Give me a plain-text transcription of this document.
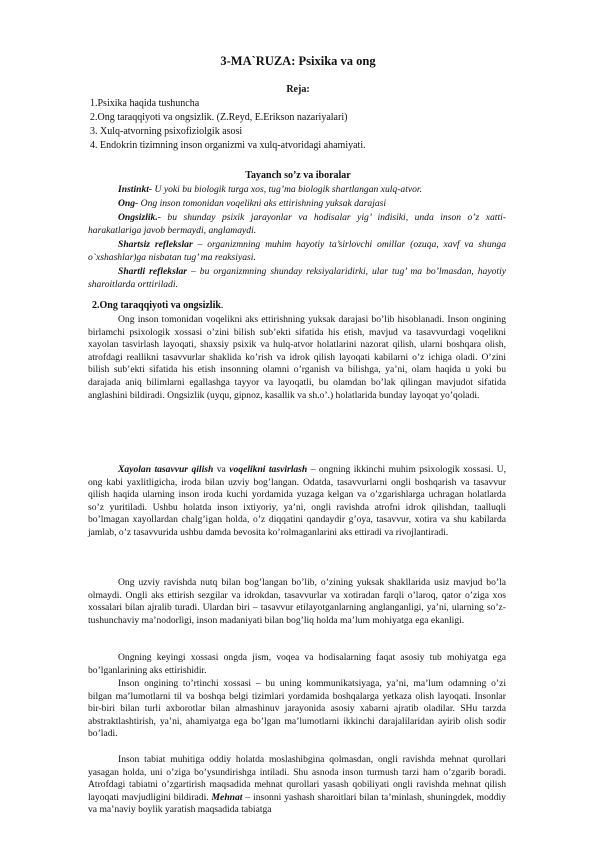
3-MA`RUZA: Psixika va ong
Reja:
1.Psixika haqida tushuncha
2.Ong taraqqiyoti va ongsizlik. (Z.Reyd, E.Erikson nazariyalari)
3. Xulq-atvorning psixofiziolgik asosi
4. Endokrin tizimning inson organizmi va xulq-atvoridagi ahamiyati.
Tayanch so’z va iboralar

Instinkt- U yoki bu biologik turga xos, tug’ma biologik shartlangan xulq-atvor.

Ong- Ong inson tomonidan voqelikni aks ettirishning yuksak darajasi

Ongsizlik.- bu shunday psixik jarayonlar va hodisalar yig’ indisiki, unda inson o’z xatti-harakatlariga javob bermaydi, anglamaydi.

Shartsiz reflekslar – organizmning muhim hayotiy ta’sirlovchi omillar (ozuqa, xavf va shunga o`xshashlar)ga nisbatan tug’ ma reaksiyasi.

Shartli reflekslar – bu organizmning shunday reksiyalaridirki, ular tug’ ma bo’lmasdan, hayotiy sharoitlarda orttiriladi.

2.Ong taraqqiyoti va ongsizlik.

Ong inson tomonidan voqelikni aks ettirishning yuksak darajasi bo’lib hisoblanadi. Inson ongining birlamchi psixologik xossasi o’zini bilish sub’ekti sifatida his etish, mavjud va tasavvurdagi voqelikni xayolan tasvirlash layoqati, shaxsiy psixik va hulq-atvor holatlarini nazorat qilish, ularni boshqara olish, atrofdagi reallikni tasavvurlar shaklida ko’rish va idrok qilish layoqati kabilarni o’z ichiga oladi. O’zini bilish sub’ekti sifatida his etish insonning olamni o’rganish va bilishga, ya’ni, olam haqida u yoki bu darajada aniq bilimlarni egallashga tayyor va layoqatli, bu olamdan bo’lak qilingan mavjudot sifatida anglashini bildiradi. Ongsizlik (uyqu, gipnoz, kasallik va sh.o’.) holatlarida bunday layoqat yo’qoladi.

Xayolan tasavvur qilish va voqelikni tasvirlash – ongning ikkinchi muhim psixologik xossasi. U, ong kabi yaxlitligicha, iroda bilan uzviy bog’langan. Odatda, tasavvurlarni ongli boshqarish va tasavvur qilish haqida ularning inson iroda kuchi yordamida yuzaga kelgan va o’zgarishlarga uchragan holatlarda so’z yuritiladi. Ushbu holatda inson ixtiyoriy, ya’ni, ongli ravishda atrofni idrok qilishdan, taalluqli bo’lmagan xayollardan chalg’igan holda, o’z diqqatini qandaydir g’oya, tasavvur, xotira va shu kabilarda jamlab, o’z tasavvurida ushbu damda bevosita ko’rolmaganlarini aks ettiradi va rivojlantiradi.

Ong uzviy ravishda nutq bilan bog’langan bo’lib, o’zining yuksak shakllarida usiz mavjud bo’la olmaydi. Ongli aks ettirish sezgilar va idrokdan, tasavvurlar va xotiradan farqli o’laroq, qator o’ziga xos xossalari bilan ajralib turadi. Ulardan biri – tasavvur etilayotganlarning anglanganligi, ya’ni, ularning so’z-tushunchaviy ma’nodorligi, inson madaniyati bilan bog’liq holda ma’lum mohiyatga ega ekanligi.

Ongning keyingi xossasi ongda jism, voqea va hodisalarning faqat asosiy tub mohiyatga ega bo’lganlarining aks ettirishidir.

Inson ongining to’rtinchi xossasi – bu uning kommunikatsiyaga, ya’ni, ma’lum odamning o’zi bilgan ma’lumotlarni til va boshqa belgi tizimlari yordamida boshqalarga yetkaza olish layoqati. Insonlar bir-biri bilan turli axborotlar bilan almashinuv jarayonida asosiy xabarni ajratib oladilar. SHu tarzda abstraktlashtirish, ya’ni, ahamiyatga ega bo’lgan ma’lumotlarni ikkinchi darajalilaridan ayirib olish sodir bo’ladi.

Inson tabiat muhitiga oddiy holatda moslashibgina qolmasdan, ongli ravishda mehnat qurollari yasagan holda, uni o’ziga bo’ysundirishga intiladi. Shu asnoda inson turmush tarzi ham o’zgarib boradi. Atrofdagi tabiatni o’zgartirish maqsadida mehnat qurollari yasash qobiliyati ongli ravishda mehnat qilish layoqati mavjudligini bildiradi. Mehnat – insonni yashash sharoitlari bilan ta’minlash, shuningdek, moddiy va ma’naviy boylik yaratish maqsadida tabiatga
